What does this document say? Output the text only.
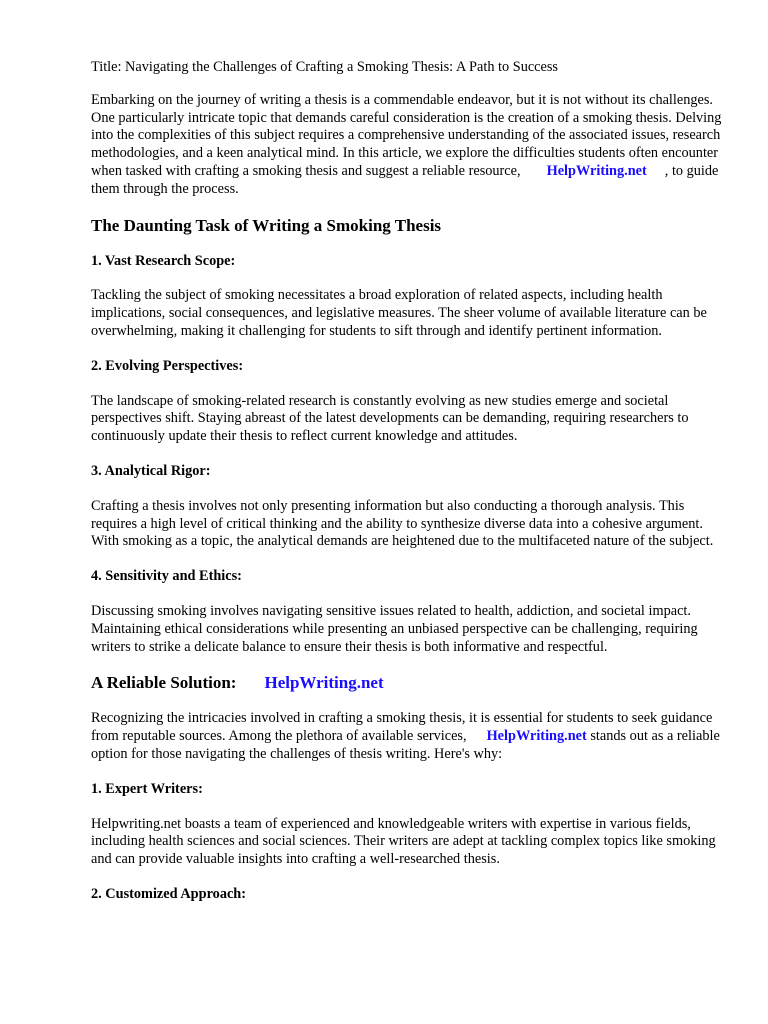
Title: Navigating the Challenges of Crafting a Smoking Thesis: A Path to Success

Embarking on the journey of writing a thesis is a commendable endeavor, but it is not without its challenges. One particularly intricate topic that demands careful consideration is the creation of a smoking thesis. Delving into the complexities of this subject requires a comprehensive understanding of the associated issues, research methodologies, and a keen analytical mind. In this article, we explore the difficulties students often encounter when tasked with crafting a smoking thesis and suggest a reliable resource, HelpWriting.net , to guide them through the process.

The Daunting Task of Writing a Smoking Thesis
1. Vast Research Scope:

Tackling the subject of smoking necessitates a broad exploration of related aspects, including health implications, social consequences, and legislative measures. The sheer volume of available literature can be overwhelming, making it challenging for students to sift through and identify pertinent information.

2. Evolving Perspectives:

The landscape of smoking-related research is constantly evolving as new studies emerge and societal perspectives shift. Staying abreast of the latest developments can be demanding, requiring researchers to continuously update their thesis to reflect current knowledge and attitudes.

3. Analytical Rigor:

Crafting a thesis involves not only presenting information but also conducting a thorough analysis. This requires a high level of critical thinking and the ability to synthesize diverse data into a cohesive argument. With smoking as a topic, the analytical demands are heightened due to the multifaceted nature of the subject.

4. Sensitivity and Ethics:

Discussing smoking involves navigating sensitive issues related to health, addiction, and societal impact. Maintaining ethical considerations while presenting an unbiased perspective can be challenging, requiring writers to strike a delicate balance to ensure their thesis is both informative and respectful.

A Reliable Solution: HelpWriting.net

Recognizing the intricacies involved in crafting a smoking thesis, it is essential for students to seek guidance from reputable sources. Among the plethora of available services, HelpWriting.net stands out as a reliable option for those navigating the challenges of thesis writing. Here's why:

1. Expert Writers:

Helpwriting.net boasts a team of experienced and knowledgeable writers with expertise in various fields, including health sciences and social sciences. Their writers are adept at tackling complex topics like smoking and can provide valuable insights into crafting a well-researched thesis.

2. Customized Approach:
